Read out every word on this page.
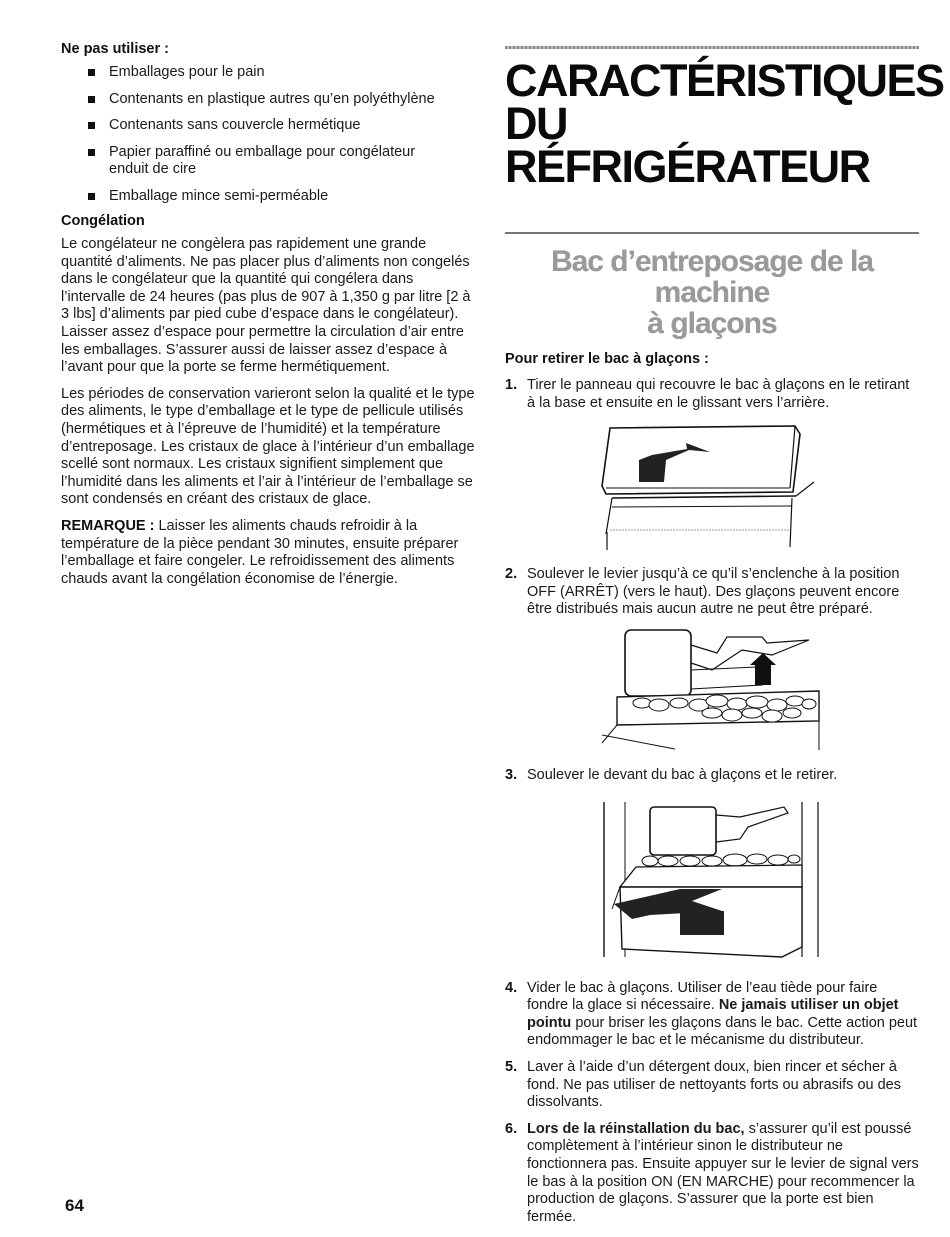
Ne pas utiliser :

Emballages pour le pain
Contenants en plastique autres qu’en polyéthylène
Contenants sans couvercle hermétique
Papier paraffiné ou emballage pour congélateur enduit de cire
Emballage mince semi-perméable

Congélation

Le congélateur ne congèlera pas rapidement une grande quantité d’aliments. Ne pas placer plus d’aliments non congelés dans le congélateur que la quantité qui congélera dans l’intervalle de 24 heures (pas plus de 907 à 1,350 g par litre [2 à 3 lbs] d’aliments par pied cube d’espace dans le congélateur). Laisser assez d’espace pour permettre la circulation d’air entre les emballages. S’assurer aussi de laisser assez d’espace à l’avant pour que la porte se ferme hermétiquement.

Les périodes de conservation varieront selon la qualité et le type des aliments, le type d’emballage et le type de pellicule utilisés (hermétiques et à l’épreuve de l’humidité) et la température d’entreposage. Les cristaux de glace à l’intérieur d’un emballage scellé sont normaux. Les cristaux signifient simplement que l’humidité dans les aliments et l’air à l’intérieur de l’emballage se sont condensés en créant des cristaux de glace.

REMARQUE : Laisser les aliments chauds refroidir à la température de la pièce pendant 30 minutes, ensuite préparer l’emballage et faire congeler. Le refroidissement des aliments chauds avant la congélation économise de l’énergie.

CARACTÉRISTIQUES
DU RÉFRIGÉRATEUR
Bac d’entreposage de la machine
à glaçons

Pour retirer le bac à glaçons :

1. Tirer le panneau qui recouvre le bac à glaçons en le retirant à la base et ensuite en le glissant vers l’arrière.
2. Soulever le levier jusqu’à ce qu’il s’enclenche à la position OFF (ARRÊT) (vers le haut). Des glaçons peuvent encore être distribués mais aucun autre ne peut être préparé.
3. Soulever le devant du bac à glaçons et le retirer.
4. Vider le bac à glaçons. Utiliser de l’eau tiède pour faire fondre la glace si nécessaire. Ne jamais utiliser un objet pointu pour briser les glaçons dans le bac. Cette action peut endommager le bac et le mécanisme du distributeur.
5. Laver à l’aide d’un détergent doux, bien rincer et sécher à fond. Ne pas utiliser de nettoyants forts ou abrasifs ou des dissolvants.
6. Lors de la réinstallation du bac, s’assurer qu’il est poussé complètement à l’intérieur sinon le distributeur ne fonctionnera pas. Ensuite appuyer sur le levier de signal vers le bas à la position ON (EN MARCHE) pour recommencer la production de glaçons. S’assurer que la porte est bien fermée.
64
